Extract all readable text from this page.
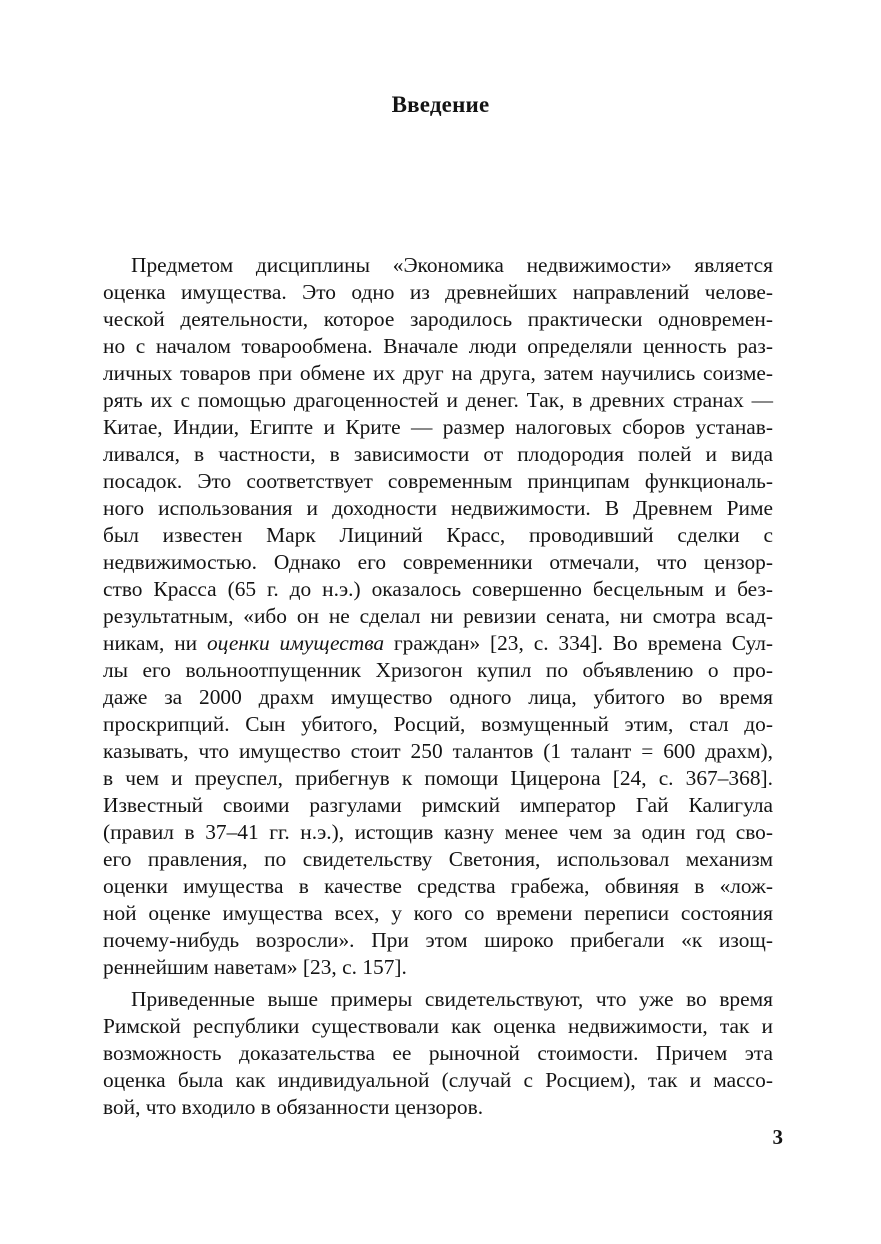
Введение
Предметом дисциплины «Экономика недвижимости» является
оценка имущества. Это одно из древнейших направлений челове-
ческой деятельности, которое зародилось практически одновремен-
но с началом товарообмена. Вначале люди определяли ценность раз-
личных товаров при обмене их друг на друга, затем научились соизме-
рять их с помощью драгоценностей и денег. Так, в древних странах —
Китае, Индии, Египте и Крите — размер налоговых сборов устанав-
ливался, в частности, в зависимости от плодородия полей и вида
посадок. Это соответствует современным принципам функциональ-
ного использования и доходности недвижимости. В Древнем Риме
был известен Марк Лициний Красс, проводивший сделки с
недвижимостью. Однако его современники отмечали, что цензор-
ство Красса (65 г. до н.э.) оказалось совершенно бесцельным и без-
результатным, «ибо он не сделал ни ревизии сената, ни смотра всад-
никам, ни оценки имущества граждан» [23, с. 334]. Во времена Сул-
лы его вольноотпущенник Хризогон купил по объявлению о про-
даже за 2000 драхм имущество одного лица, убитого во время
проскрипций. Сын убитого, Росций, возмущенный этим, стал до-
казывать, что имущество стоит 250 талантов (1 талант = 600 драхм),
в чем и преуспел, прибегнув к помощи Цицерона [24, с. 367–368].
Известный своими разгулами римский император Гай Калигула
(правил в 37–41 гг. н.э.), истощив казну менее чем за один год сво-
его правления, по свидетельству Светония, использовал механизм
оценки имущества в качестве средства грабежа, обвиняя в «лож-
ной оценке имущества всех, у кого со времени переписи состояния
почему-нибудь возросли». При этом широко прибегали «к изощ-
реннейшим наветам» [23, с. 157].
Приведенные выше примеры свидетельствуют, что уже во время
Римской республики существовали как оценка недвижимости, так и
возможность доказательства ее рыночной стоимости. Причем эта
оценка была как индивидуальной (случай с Росцием), так и массо-
вой, что входило в обязанности цензоров.
3
